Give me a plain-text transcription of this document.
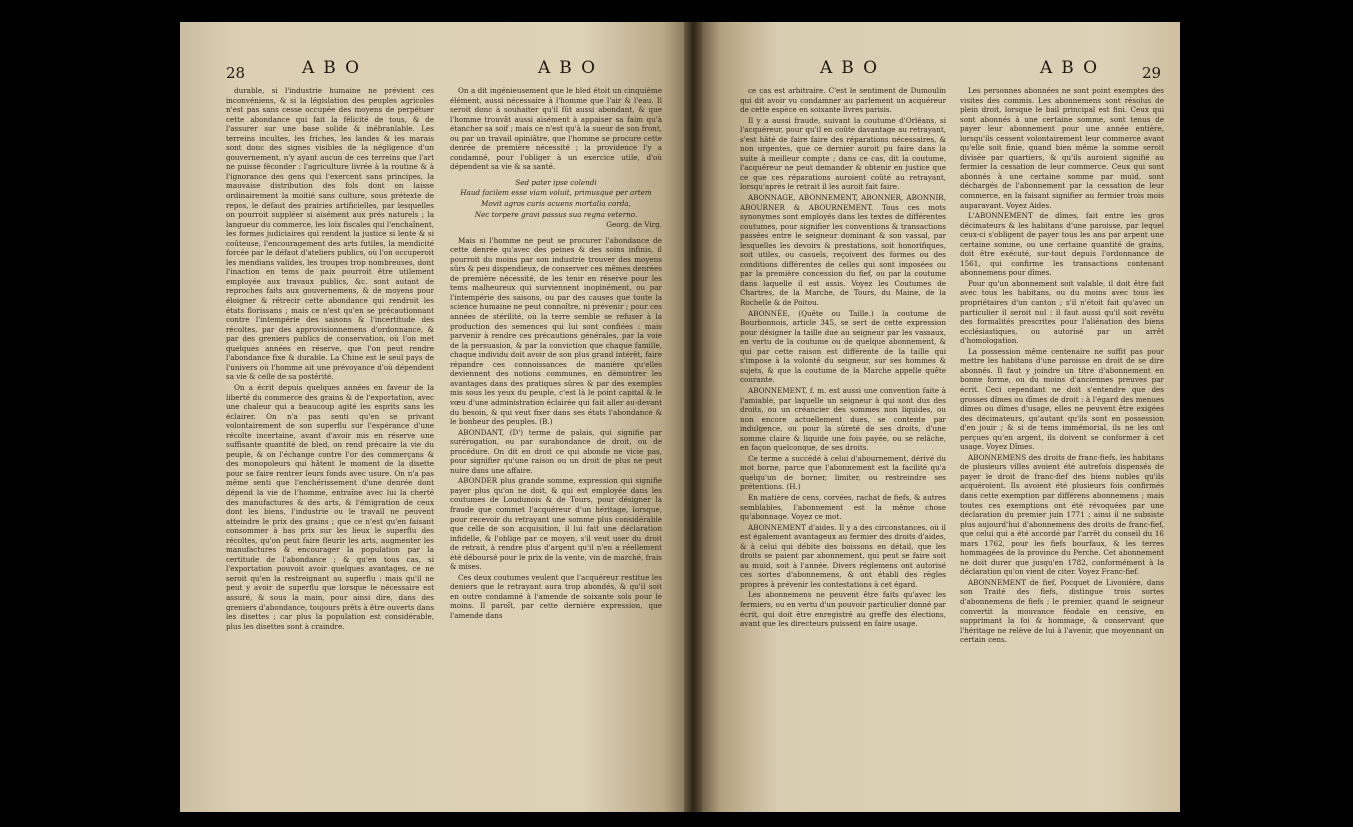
28	ABO	ABO

durable, si l'industrie humaine ne prévient ces inconvéniens, & si la législation des peuples agricoles n'est pas sans cesse occupée des moyens de perpétuer cette abondance qui fait la félicité de tous, & de l'assurer sur une base solide & inébranlable. Les terreins incultes, les friches, les landes & les marais sont donc des signes visibles de la négligence d'un gouvernement, n'y ayant aucun de ces terreins que l'art ne puisse féconder : l'agriculture livrée à la routine & à l'ignorance des gens qui l'exercent sans principes, la mauvaise distribution des fols dont on laisse ordinairement la moitié sans culture, sous prétexte de repos, le défaut des prairies artificielles, par lesquelles on pourroit suppléer si aisément aux prés naturels ; la langueur du commerce, les loix fiscales qui l'enchaînent, les formes judiciaires qui rendent la justice si lente & si coûteuse, l'encouragement des arts futiles, la mendicité forcée par le défaut d'ateliers publics, où l'on occuperoit les mendians valides, les troupes trop nombreuses, dont l'inaction en tems de paix pourroit être utilement employée aux travaux publics, &c. sont autant de reproches faits aux gouvernemens, & de moyens pour éloigner & rétrecir cette abondance qui rendroit les états florissans ; mais ce n'est qu'en se précautionnant contre l'intempérie des saisons & l'incertitude des récoltes, par des approvisionnemens d'ordonnance, & par des greniers publics de conservation, où l'on met quelques années en réserve, que l'on peut rendre l'abondance fixe & durable. La Chine est le seul pays de l'univers où l'homme ait une prévoyance d'où dépendent sa vie & celle de sa postérité.

On a écrit depuis quelques années en faveur de la liberté du commerce des grains & de l'exportation, avec une chaleur qui a beaucoup agité les esprits sans les éclairer. On n'a pas senti qu'en se privant volontairement de son superflu sur l'espérance d'une récolte incertaine, avant d'avoir mis en réserve une suffisante quantité de bled, on rend précaire la vie du peuple, & on l'échange contre l'or des commerçans & des monopoleurs qui hâtent le moment de la disette pour se faire rentrer leurs fonds avec usure. On n'a pas même senti que l'enchérissement d'une denrée dont dépend la vie de l'homme, entraîne avec lui la cherté des manufactures & des arts, & l'émigration de ceux dont les biens, l'industrie ou le travail ne peuvent atteindre le prix des grains ; que ce n'est qu'en faisant consommer à bas prix sur les lieux le superflu des récoltes, qu'on peut faire fleurir les arts, augmenter les manufactures & encourager la population par la certitude de l'abondance ; & qu'en tous cas, si l'exportation pouvoit avoir quelques avantages, ce ne seroit qu'en la restreignant au superflu : mais qu'il ne peut y avoir de superflu que lorsque le nécessaire est assuré, & sous la main, pour ainsi dire, dans des greniers d'abondance, toujours prêts à être ouverts dans les disettes ; car plus la population est considérable, plus les disettes sont à craindre.

On a dit ingénieusement que le bled étoit un cinquième élément, aussi nécessaire à l'homme que l'air & l'eau. Il seroit donc à souhaiter qu'il fût aussi abondant, & que l'homme trouvât aussi aisément à appaiser sa faim qu'à étancher sa soif ; mais ce n'est qu'à la sueur de son front, ou par un travail opiniâtre, que l'homme se procure cette denrée de première nécessité ; la providence l'y a condamné, pour l'obliger à un exercice utile, d'où dépendent sa vie & sa santé.

Sed pater ipse colendi

Haud facilem esse viam voluit, primusque per artem

Movit agros curis acuens mortalia corda,

Nec torpere gravi passus sua regna veterno.

Georg. de Virg.

Mais si l'homme ne peut se procurer l'abondance de cette denrée qu'avec des peines & des soins infinis, il pourroit du moins par son industrie trouver des moyens sûrs & peu dispendieux, de conserver ces mêmes denrées de première nécessité, de les tenir en réserve pour les tems malheureux qui surviennent inopinément, ou par l'intempérie des saisons, ou par des causes que toute la science humaine ne peut connoître, ni prévenir ; pour ces années de stérilité, où la terre semble se refuser à la production des semences qui lui sont confiées : mais parvenir à rendre ces précautions générales, par la voie de la persuasion, & par la conviction que chaque famille, chaque individu doit avoir de son plus grand intérêt, faire répandre ces connoissances de manière qu'elles deviennent des notions communes, en démontrer les avantages dans des pratiques sûres & par des exemples mis sous les yeux du peuple, c'est là le point capital & le vœu d'une administration éclairée qui fait aller au-devant du besoin, & qui veut fixer dans ses états l'abondance & le bonheur des peuples. (B.)

ABONDANT, (D') terme de palais, qui signifie par surérogation, ou par surabondance de droit, ou de procédure. On dit en droit ce qui abonde ne vicie pas, pour signifier qu'une raison ou un droit de plus ne peut nuire dans une affaire.

ABONDER plus grande somme, expression qui signifie payer plus qu'on ne doit, & qui est employée dans les coutumes de Loudunois & de Tours, pour désigner la fraude que commet l'acquéreur d'un héritage, lorsque, pour recevoir du retrayant une somme plus considérable que celle de son acquisition, il lui fait une déclaration infidelle, & l'oblige par ce moyen, s'il veut user du droit de retrait, à rendre plus d'argent qu'il n'en a réellement été déboursé pour le prix de la vente, vin de marché, frais & mises.

Ces deux coutumes veulent que l'acquéreur restitue les deniers que le retrayant aura trop abondés, & qu'il soit en outre condamné à l'amende de soixante sols pour le moins. Il paroît, par cette dernière expression, que l'amende dans

ABO	ABO 29

ce cas est arbitraire. C'est le sentiment de Dumoulin qui dit avoir vu condamner au parlement un acquéreur de cette espèce en soixante livres parisis.

Il y a aussi fraude, suivant la coutume d'Orléans, si l'acquéreur, pour qu'il en coûte davantage au retrayant, s'est hâté de faire faire des réparations nécessaires, & non urgentes, que ce dernier auroit pu faire dans la suite à meilleur compte ; dans ce cas, dit la coutume, l'acquéreur ne peut demander & obtenir en justice que ce que ces réparations auroient coûté au retrayant, lorsqu'après le retrait il les auroit fait faire.

ABONNAGE, ABONNEMENT, ABONNER, ABONNIR, ABOURNER & ABOURNEMENT. Tous ces mots synonymes sont employés dans les textes de différentes coutumes, pour signifier les conventions & transactions passées entre le seigneur dominant & son vassal, par lesquelles les devoirs & prestations, soit honorifiques, soit utiles, ou casuels, reçoivent des formes ou des conditions différentes de celles qui sont imposées ou par la première concession du fief, ou par la coutume dans laquelle il est assis. Voyez les Coutumes de Chartres, de la Marche, de Tours, du Maine, de la Rochelle & de Poitou.

ABONNÉE, (Quête ou Taille.) la coutume de Bourbonnois, article 345, se sert de cette expression pour désigner la taille due au seigneur par les vassaux, en vertu de la coutume ou de quelque abonnement, & qui par cette raison est différente de la taille qui s'impose à la volonté du seigneur, sur ses hommes & sujets, & que la coutume de la Marche appelle quête courante.

ABONNEMENT, f. m. est aussi une convention faite à l'amiable, par laquelle un seigneur à qui sont dus des droits, ou un créancier des sommes non liquides, ou non encore actuellement dues, se contente par indulgence, ou pour la sûreté de ses droits, d'une somme claire & liquide une fois payée, ou se relâche, en façon quelconque, de ses droits.

Ce terme a succédé à celui d'abournement, dérivé du mot borne, parce que l'abonnement est la facilité qu'a quelqu'un de borner, limiter, ou restreindre ses prétentions. (H.)

En matière de cens, corvées, rachat de fiefs, & autres semblables, l'abonnement est la même chose qu'abonnage. Voyez ce mot.

ABONNEMENT d'aides. Il y a des circonstances, où il est également avantageux au fermier des droits d'aides, & à celui qui débite des boissons en détail, que les droits se paient par abonnement, qui peut se faire soit au muid, soit à l'année. Divers réglemens ont autorisé ces sortes d'abonnemens, & ont établi des règles propres à prévenir les contestations à cet égard.

Les abonnemens ne peuvent être faits qu'avec les fermiers, ou en vertu d'un pouvoir particulier donné par écrit, qui doit être enregistré au greffe des élections, avant que les directeurs puissent en faire usage.

Les personnes abonnées ne sont point exemptes des visites des commis. Les abonnemens sont résolus de plein droit, lorsque le bail principal est fini. Ceux qui sont abonnés à une certaine somme, sont tenus de payer leur abonnement pour une année entière, lorsqu'ils cessent volontairement leur commerce avant qu'elle soit finie, quand bien même la somme seroit divisée par quartiers, & qu'ils auroient signifié au fermier la cessation de leur commerce. Ceux qui sont abonnés à une certaine somme par muid, sont déchargés de l'abonnement par la cessation de leur commerce, en la faisant signifier au fermier trois mois auparavant. Voyez Aides.

L'ABONNEMENT de dîmes, fait entre les gros décimateurs & les habitans d'une paroisse, par lequel ceux-ci s'obligent de payer tous les ans par arpent une certaine somme, ou une certaine quantité de grains, doit être exécuté, sur-tout depuis l'ordonnance de 1561, qui confirme les transactions contenant abonnemens pour dîmes.

Pour qu'un abonnement soit valable, il doit être fait avec tous les habitans, ou du moins avec tous les propriétaires d'un canton ; s'il n'étoit fait qu'avec un particulier il seroit nul : il faut aussi qu'il soit revêtu des formalités prescrites pour l'aliénation des biens ecclésiastiques, ou autorisé par un arrêt d'homologation.

La possession même centenaire ne suffit pas pour mettre les habitans d'une paroisse en droit de se dire abonnés. Il faut y joindre un titre d'abonnement en bonne forme, ou du moins d'anciennes preuves par écrit. Ceci cependant ne doit s'entendre que des grosses dîmes ou dîmes de droit : à l'égard des menues dîmes ou dîmes d'usage, elles ne peuvent être exigées des décimateurs, qu'autant qu'ils sont en possession d'en jouir ; & si de tems immémorial, ils ne les ont perçues qu'en argent, ils doivent se conformer à cet usage. Voyez Dîmes.

ABONNEMENS des droits de franc-fiefs, les habitans de plusieurs villes avoient été autrefois dispensés de payer le droit de franc-fief des biens nobles qu'ils acquéroient. Ils avoient été plusieurs fois confirmés dans cette exemption par différens abonnemens ; mais toutes ces exemptions ont été révoquées par une déclaration du premier juin 1771 ; ainsi il ne subsiste plus aujourd'hui d'abonnemens des droits de franc-fief, que celui qui a été accordé par l'arrêt du conseil du 16 mars 1762, pour les fiefs bourfaux, & les terres hommagées de la province du Perche. Cet abonnement ne doit durer que jusqu'en 1782, conformément à la déclaration qu'on vient de citer. Voyez Franc-fief.

ABONNEMENT de fief, Pocquet de Livonière, dans son Traité des fiefs, distingue trois sortes d'abonnemens de fiefs ; le premier, quand le seigneur convertit la mouvance féodale en censive, en supprimant la foi & hommage, & conservant que l'héritage ne relève de lui à l'avenir, que moyennant un certain cens.
